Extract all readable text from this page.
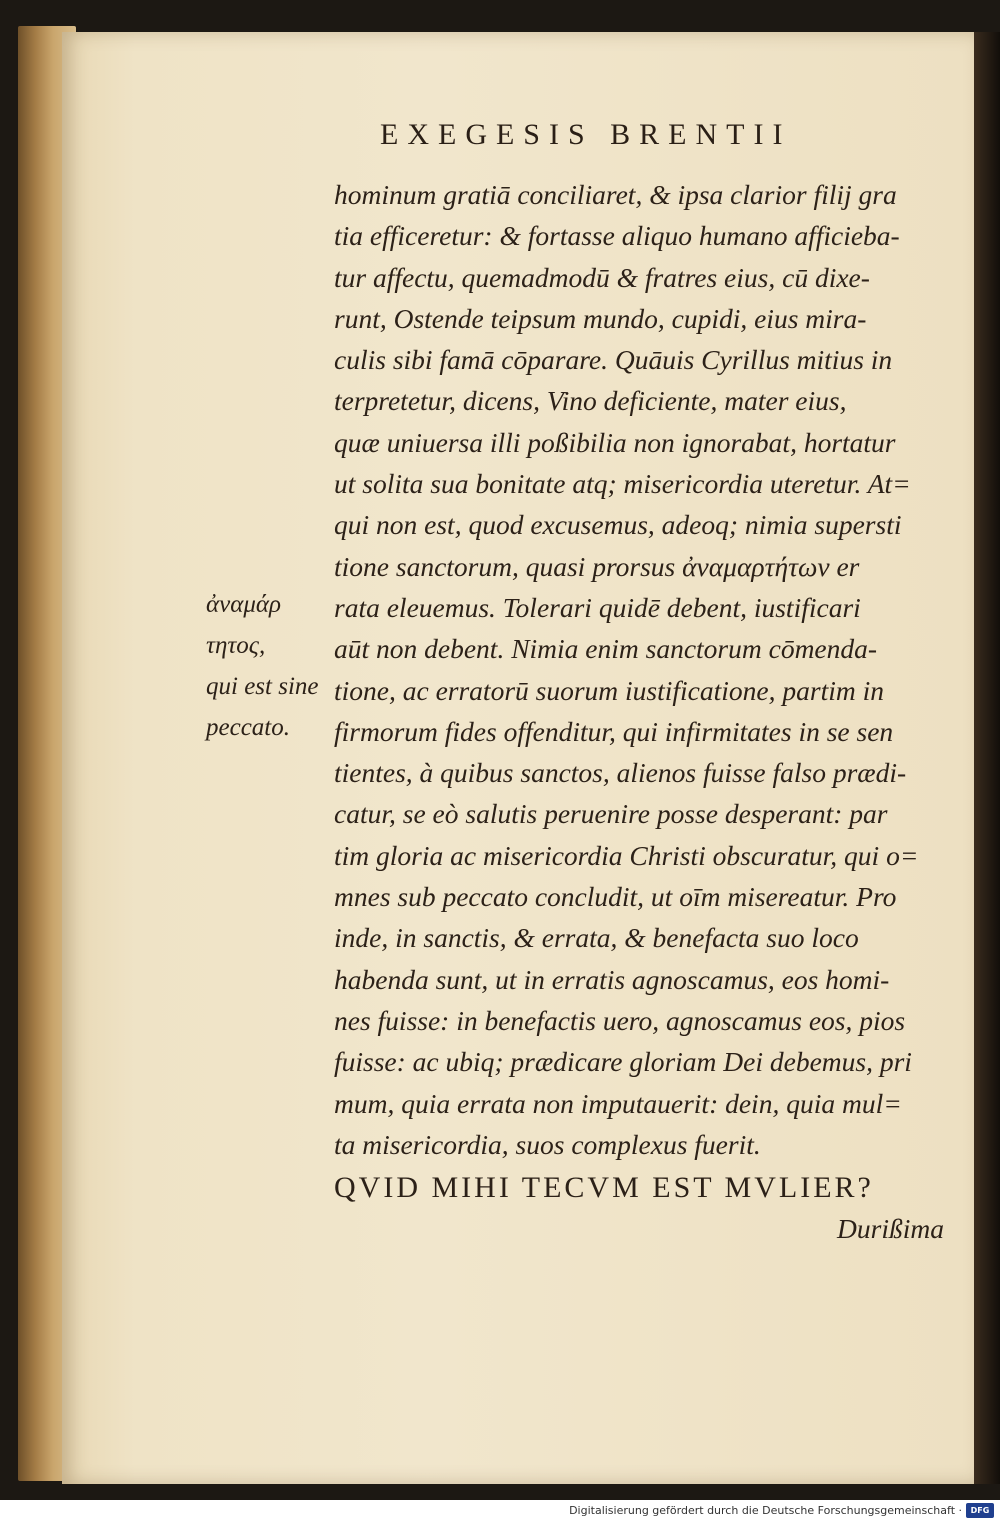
EXEGESIS BRENTII
hominum gratiā conciliaret, & ipsa clarior filij gra
tia efficeretur: & fortasse aliquo humano afficieba-
tur affectu, quemadmodū & fratres eius, cū dixe-
runt, Ostende teipsum mundo, cupidi, eius mira-
culis sibi famā cōparare. Quāuis Cyrillus mitius in
terpretetur, dicens, Vino deficiente, mater eius,
quæ uniuersa illi poßibilia non ignorabat, hortatur
ut solita sua bonitate atq; misericordia uteretur. At=
qui non est, quod excusemus, adeoq; nimia supersti
tione sanctorum, quasi prorsus ἀναμαρτήτων er
rata eleuemus. Tolerari quidē debent, iustificari
aūt non debent. Nimia enim sanctorum cōmenda-
tione, ac erratorū suorum iustificatione, partim in
firmorum fides offenditur, qui infirmitates in se sen
tientes, à quibus sanctos, alienos fuisse falso prædi-
catur, se eò salutis peruenire posse desperant: par
tim gloria ac misericordia Christi obscuratur, qui o=
mnes sub peccato concludit, ut oīm misereatur. Pro
inde, in sanctis, & errata, & benefacta suo loco
habenda sunt, ut in erratis agnoscamus, eos homi-
nes fuisse: in benefactis uero, agnoscamus eos, pios
fuisse: ac ubiq; prædicare gloriam Dei debemus, pri
mum, quia errata non imputauerit: dein, quia mul=
ta misericordia, suos complexus fuerit.
QVID MIHI TECVM EST MVLIER?
Durißima
ἀναμάρ
τητος,
qui est sine
peccato.
Digitalisierung gefördert durch die Deutsche Forschungsgemeinschaft ·	DFG
